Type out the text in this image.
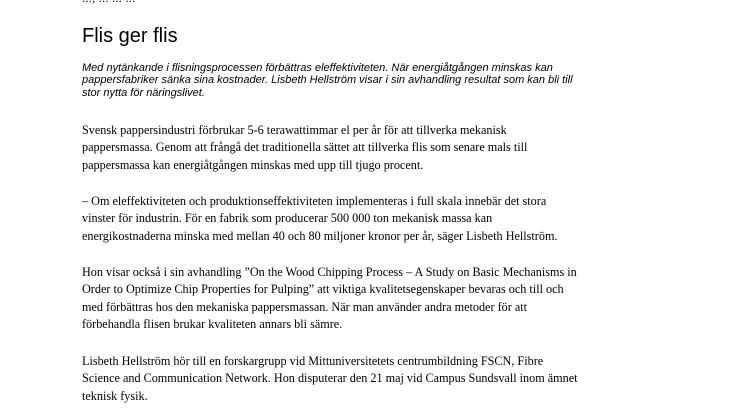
Flis ger flis

Med nytänkande i flisningsprocessen förbättras eleffektiviteten. När energiåtgången minskas kan
pappersfabriker sänka sina kostnader. Lisbeth Hellström visar i sin avhandling resultat som kan bli till
stor nytta för näringslivet.

Svensk pappersindustri förbrukar 5-6 terawattimmar el per år för att tillverka mekanisk
pappersmassa. Genom att frångå det traditionella sättet att tillverka flis som senare mals till
pappersmassa kan energiåtgången minskas med upp till tjugo procent.

– Om eleffektiviteten och produktionseffektiviteten implementeras i full skala innebär det stora
vinster för industrin. För en fabrik som producerar 500 000 ton mekanisk massa kan
energikostnaderna minska med mellan 40 och 80 miljoner kronor per år, säger Lisbeth Hellström.

Hon visar också i sin avhandling ”On the Wood Chipping Process – A Study on Basic Mechanisms in
Order to Optimize Chip Properties for Pulping” att viktiga kvalitetsegenskaper bevaras och till och
med förbättras hos den mekaniska pappersmassan. När man använder andra metoder för att
förbehandla flisen brukar kvaliteten annars bli sämre.

Lisbeth Hellström hör till en forskargrupp vid Mittuniversitetets centrumbildning FSCN, Fibre
Science and Communication Network. Hon disputerar den 21 maj vid Campus Sundsvall inom ämnet
teknisk fysik.
